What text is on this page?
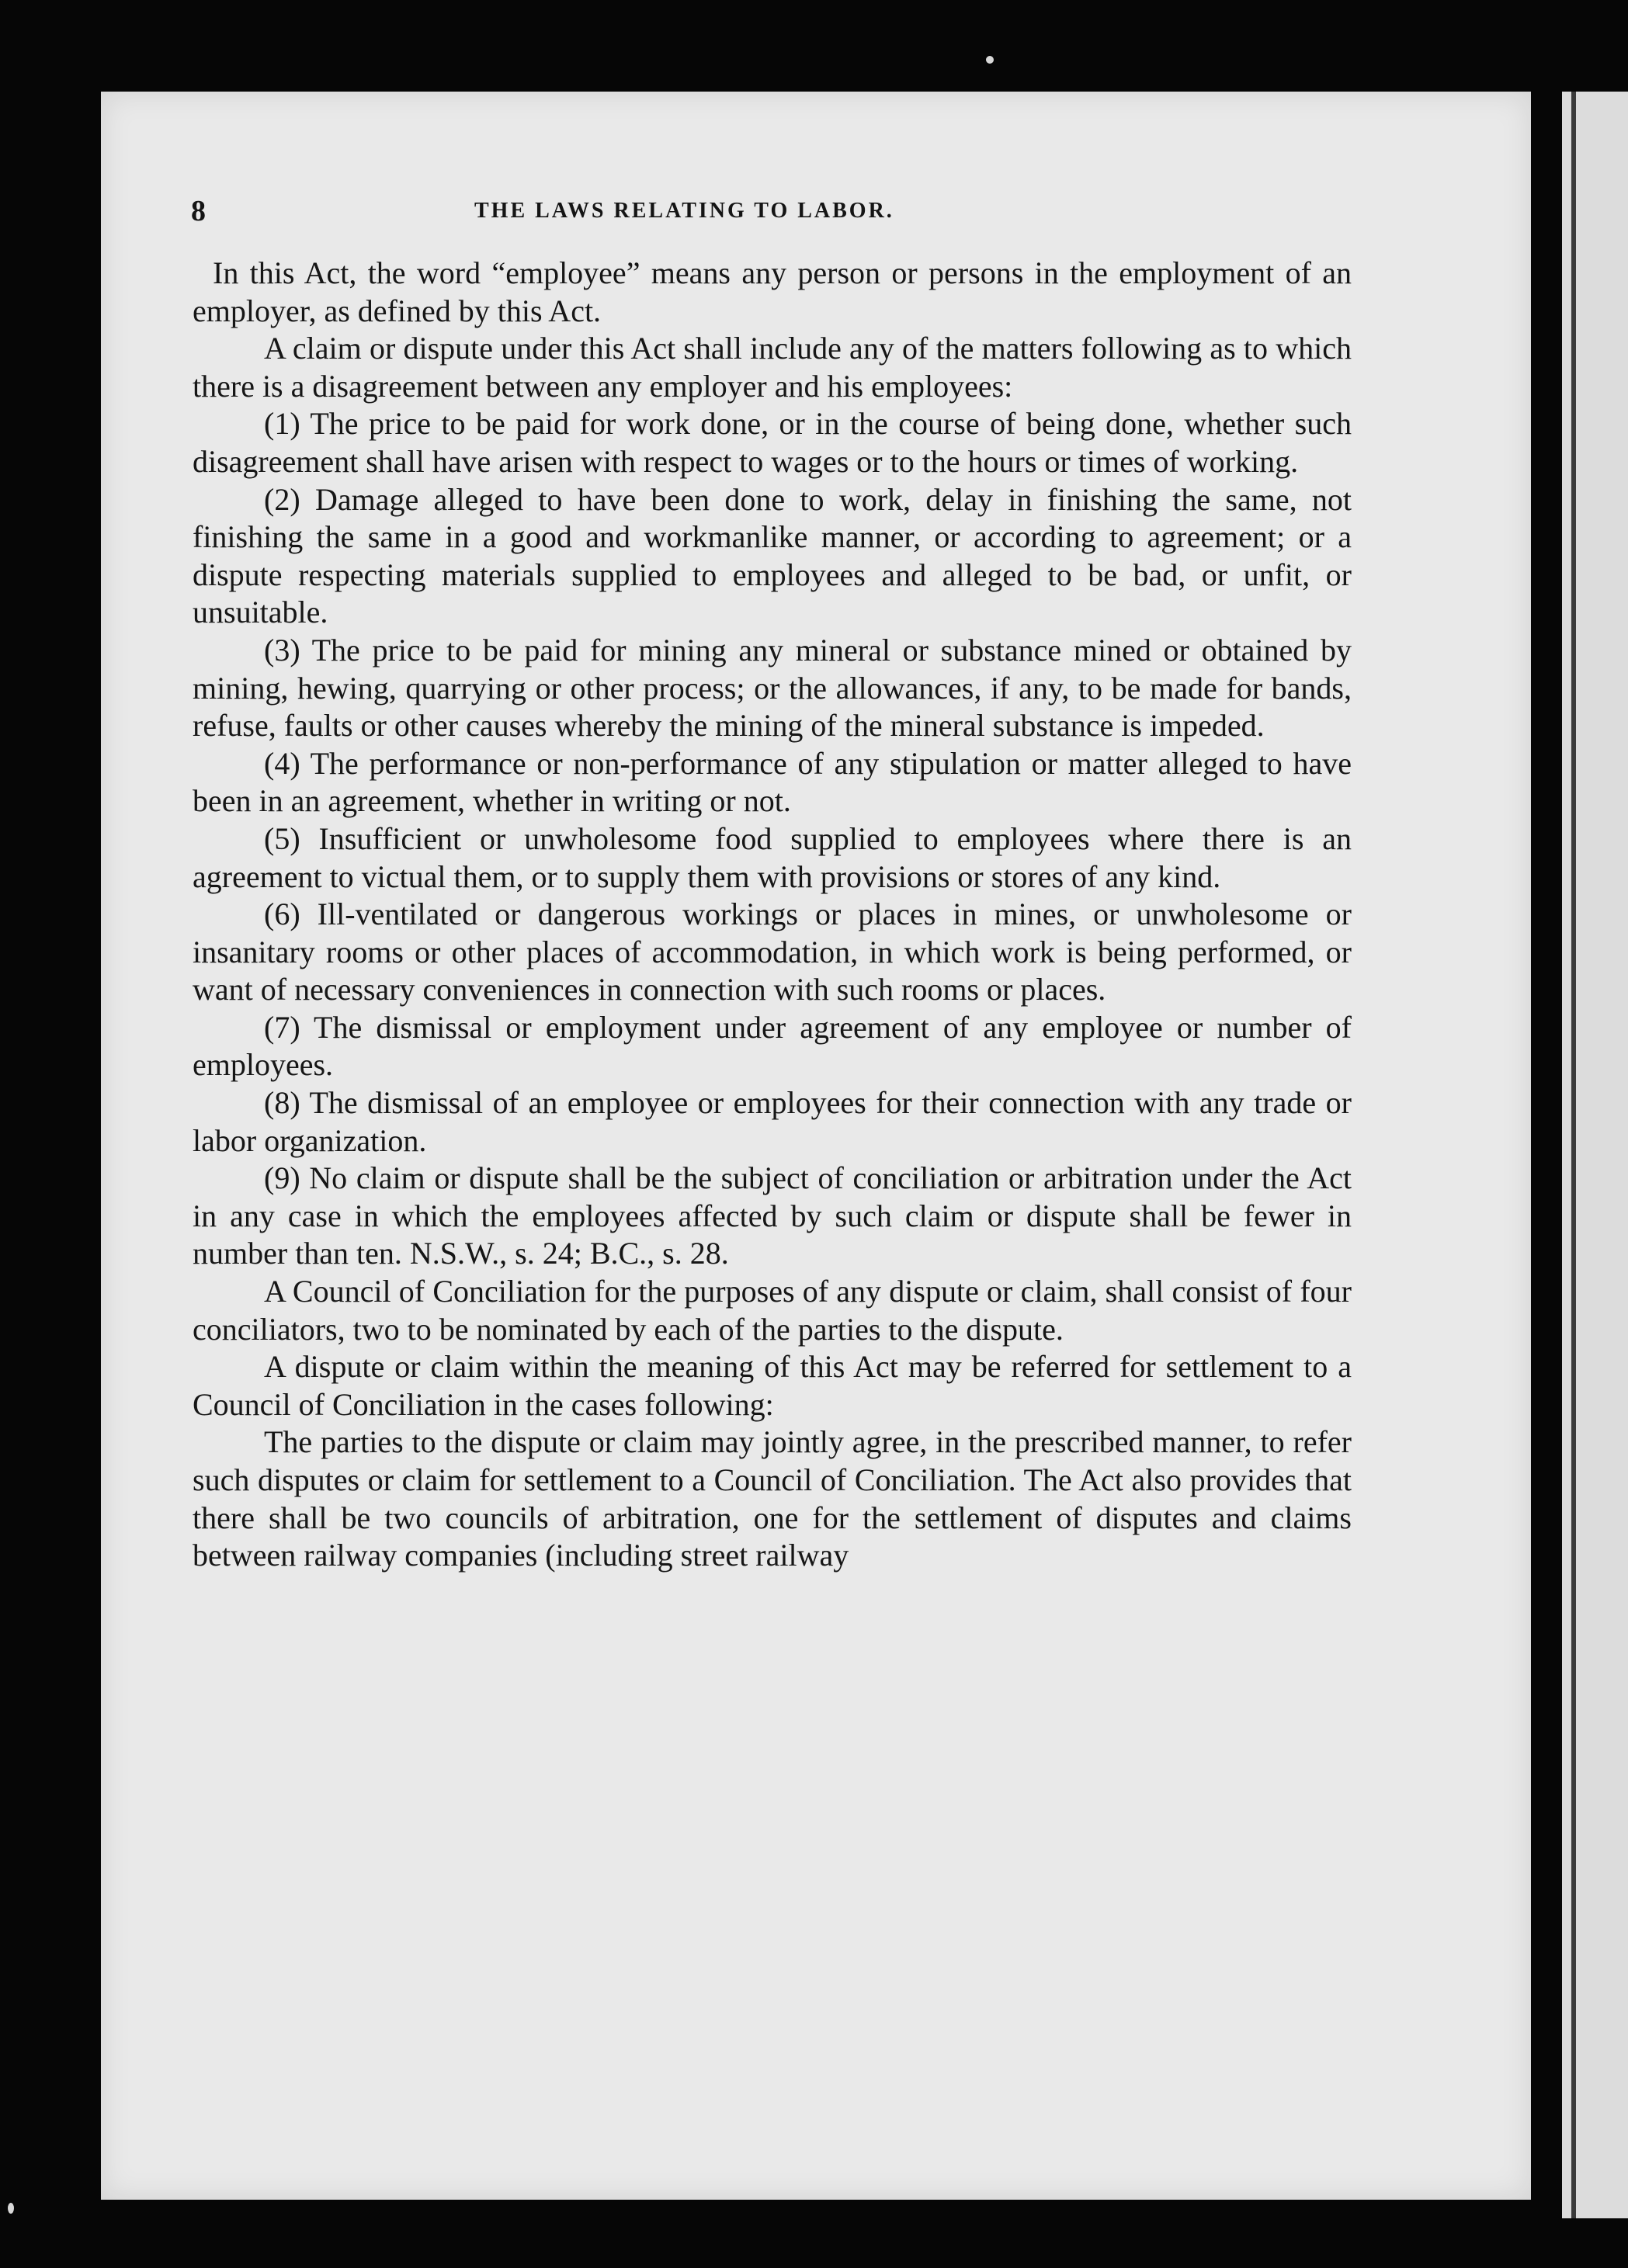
8	THE LAWS RELATING TO LABOR.

In this Act, the word “employee” means any person or persons in the employment of an employer, as defined by this Act.

A claim or dispute under this Act shall include any of the matters following as to which there is a disagreement between any employer and his employees:

(1) The price to be paid for work done, or in the course of being done, whether such disagreement shall have arisen with respect to wages or to the hours or times of working.

(2) Damage alleged to have been done to work, delay in finishing the same, not finishing the same in a good and workmanlike manner, or according to agreement; or a dispute respecting materials supplied to employees and alleged to be bad, or unfit, or unsuitable.

(3) The price to be paid for mining any mineral or substance mined or obtained by mining, hewing, quarrying or other process; or the allowances, if any, to be made for bands, refuse, faults or other causes whereby the mining of the mineral substance is impeded.

(4) The performance or non-performance of any stipulation or matter alleged to have been in an agreement, whether in writing or not.

(5) Insufficient or unwholesome food supplied to employees where there is an agreement to victual them, or to supply them with provisions or stores of any kind.

(6) Ill-ventilated or dangerous workings or places in mines, or unwholesome or insanitary rooms or other places of accommodation, in which work is being performed, or want of necessary conveniences in connection with such rooms or places.

(7) The dismissal or employment under agreement of any employee or number of employees.

(8) The dismissal of an employee or employees for their connection with any trade or labor organization.

(9) No claim or dispute shall be the subject of conciliation or arbitration under the Act in any case in which the employees affected by such claim or dispute shall be fewer in number than ten. N.S.W., s. 24; B.C., s. 28.

A Council of Conciliation for the purposes of any dispute or claim, shall consist of four conciliators, two to be nominated by each of the parties to the dispute.

A dispute or claim within the meaning of this Act may be referred for settlement to a Council of Conciliation in the cases following:

The parties to the dispute or claim may jointly agree, in the prescribed manner, to refer such disputes or claim for settlement to a Council of Conciliation. The Act also provides that there shall be two councils of arbitration, one for the settlement of disputes and claims between railway companies (including street railway
